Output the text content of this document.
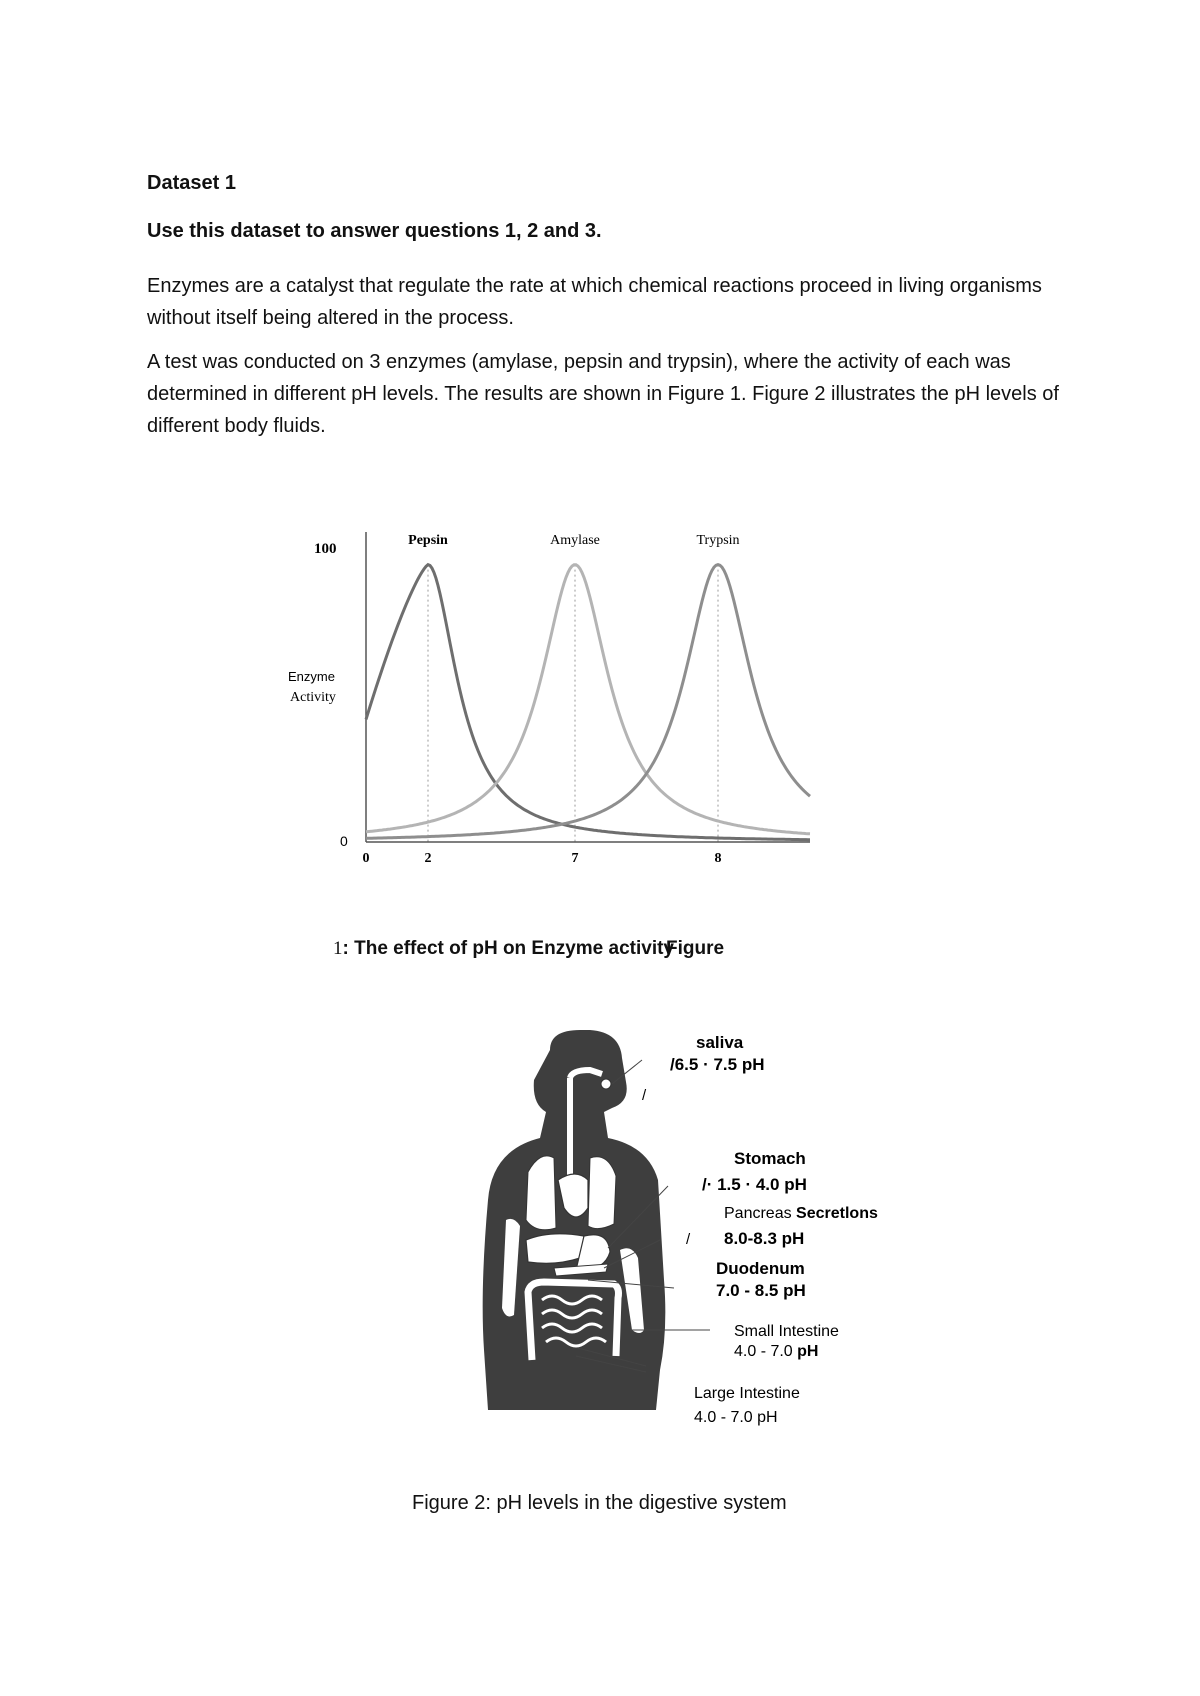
Dataset 1
Use this dataset to answer questions 1, 2 and 3.

Enzymes are a catalyst that regulate the rate at which chemical reactions proceed in living organisms without itself being altered in the process.

A test was conducted on 3 enzymes (amylase, pepsin and trypsin), where the activity of each was determined in different pH levels. The results are shown in Figure 1. Figure 2 illustrates the pH levels of different body fluids.

100
0
Enzyme
Activity
Pepsin	Amylase	Trypsin
0	2	7	8
Figure
1: The effect of pH on Enzyme activity
saliva
/6.5 · 7.5 pH
/
Stomach
/· 1.5 · 4.0 pH
Pancreas Secretlons
/ 8.0-8.3 pH
Duodenum
7.0 - 8.5 pH
Small Intestine
4.0 - 7.0 pH
Large Intestine
4.0 - 7.0 pH

Figure 2: pH levels in the digestive system
